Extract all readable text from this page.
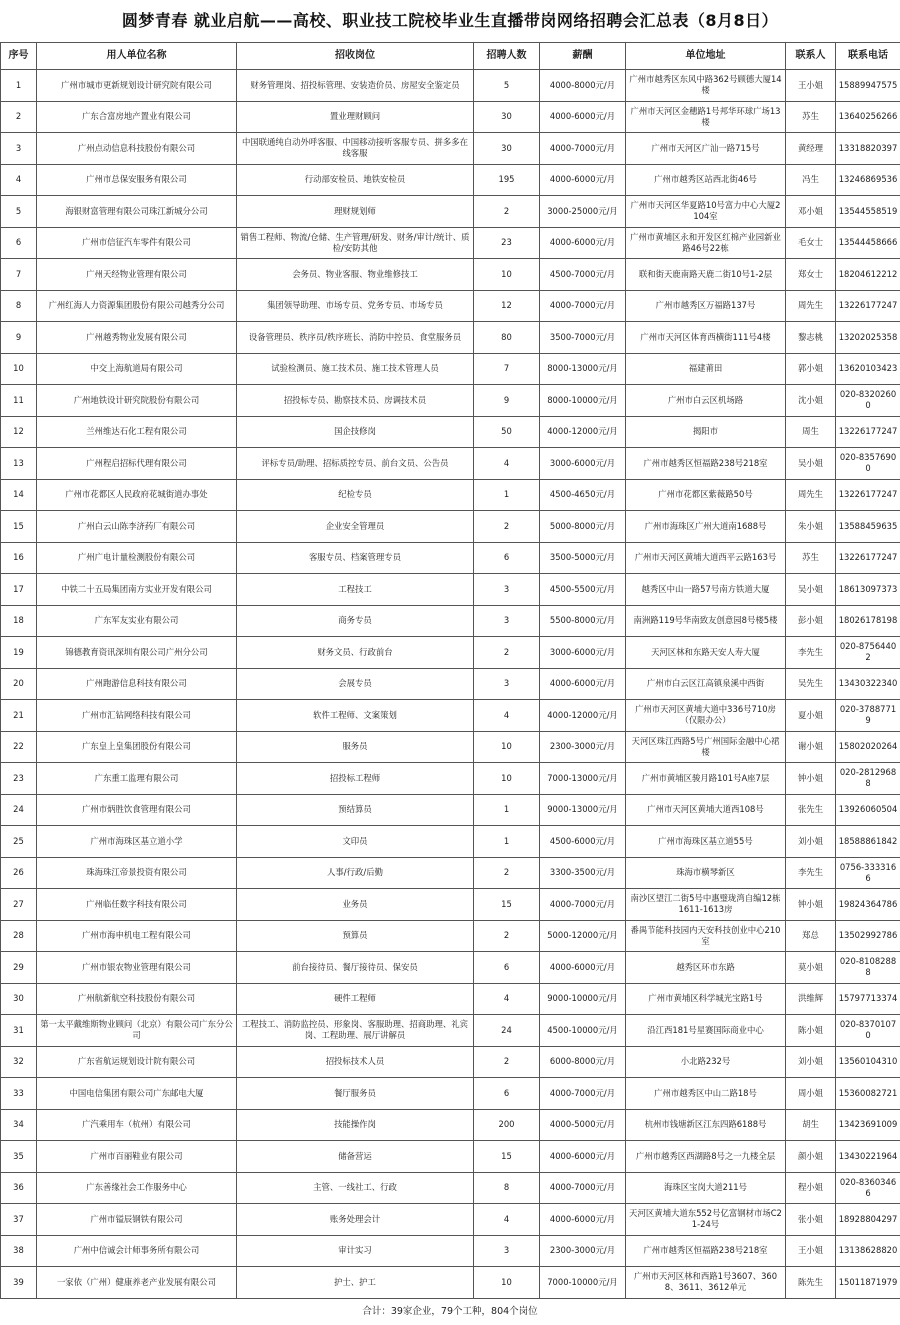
圆梦青春 就业启航——高校、职业技工院校毕业生直播带岗网络招聘会汇总表（8月8日）
序号	用人单位名称	招收岗位	招聘人数	薪酬	单位地址	联系人	联系电话
1	广州市城市更新规划设计研究院有限公司	财务管理岗、招投标管理、安装造价员、房屋安全鉴定员	5	4000-8000元/月	广州市越秀区东风中路362号顾德大厦14楼	王小姐	15889947575
2	广东合富房地产置业有限公司	置业理财顾问	30	4000-6000元/月	广州市天河区金穗路1号邦华环球广场13楼	苏生	13640256266
3	广州点动信息科技股份有限公司	中国联通纯自动外呼客服、中国移动接听客服专员、拼多多在线客服	30	4000-7000元/月	广州市天河区广汕一路715号	黄经理	13318820397
4	广州市总保安服务有限公司	行动部安检员、地铁安检员	195	4000-6000元/月	广州市越秀区站西北街46号	冯生	13246869536
5	海银财富管理有限公司珠江新城分公司	理财规划师	2	3000-25000元/月	广州市天河区华夏路10号富力中心大厦2104室	邓小姐	13544558519
6	广州市信征汽车零件有限公司	销售工程师、物流/仓储、生产管理/研发、财务/审计/统计、质检/安防其他	23	4000-6000元/月	广州市黄埔区永和开发区红棉产业园新业路46号22栋	毛女士	13544458666
7	广州天经物业管理有限公司	会务员、物业客服、物业维修技工	10	4500-7000元/月	联和街天鹿南路天鹿二街10号1-2层	郑女士	18204612212
8	广州红海人力资源集团股份有限公司越秀分公司	集团领导助理、市场专员、党务专员、市场专员	12	4000-7000元/月	广州市越秀区万福路137号	周先生	13226177247
9	广州越秀物业发展有限公司	设备管理员、秩序员/秩序班长、消防中控员、食堂服务员	80	3500-7000元/月	广州市天河区体育西横街111号4楼	黎志桃	13202025358
10	中交上海航道局有限公司	试验检测员、施工技术员、施工技术管理人员	7	8000-13000元/月	福建莆田	郭小姐	13620103423
11	广州地铁设计研究院股份有限公司	招投标专员、勘察技术员、房调技术员	9	8000-10000元/月	广州市白云区机场路	沈小姐	020-83202600
12	兰州维达石化工程有限公司	国企技修岗	50	4000-12000元/月	揭阳市	周生	13226177247
13	广州程启招标代理有限公司	评标专员/助理、招标质控专员、前台文员、公告员	4	3000-6000元/月	广州市越秀区恒福路238号218室	吴小姐	020-83576900
14	广州市花都区人民政府花城街道办事处	纪检专员	1	4500-4650元/月	广州市花都区紫薇路50号	周先生	13226177247
15	广州白云山陈李济药厂有限公司	企业安全管理员	2	5000-8000元/月	广州市海珠区广州大道南1688号	朱小姐	13588459635
16	广州广电计量检测股份有限公司	客服专员、档案管理专员	6	3500-5000元/月	广州市天河区黄埔大道西平云路163号	苏生	13226177247
17	中铁二十五局集团南方实业开发有限公司	工程技工	3	4500-5500元/月	越秀区中山一路57号南方铁道大厦	吴小姐	18613097373
18	广东军友实业有限公司	商务专员	3	5500-8000元/月	南洲路119号华南致友创意园8号楼5楼	彭小姐	18026178198
19	锦德教育资讯深圳有限公司广州分公司	财务文员、行政前台	2	3000-6000元/月	天河区林和东路天安人寿大厦	李先生	020-87564402
20	广州跑游信息科技有限公司	会展专员	3	4000-6000元/月	广州市白云区江高镇泉溪中西街	吴先生	13430322340
21	广州市汇钻网络科技有限公司	软件工程师、文案策划	4	4000-12000元/月	广州市天河区黄埔大道中336号710房（仅限办公）	夏小姐	020-37887719
22	广东皇上皇集团股份有限公司	服务员	10	2300-3000元/月	天河区珠江西路5号广州国际金融中心裙楼	谢小姐	15802020264
23	广东重工监理有限公司	招投标工程师	10	7000-13000元/月	广州市黄埔区骏月路101号A座7层	钟小姐	020-28129688
24	广州市炳胜饮食管理有限公司	预结算员	1	9000-13000元/月	广州市天河区黄埔大道西108号	张先生	13926060504
25	广州市海珠区基立道小学	文印员	1	4500-6000元/月	广州市海珠区基立道55号	刘小姐	18588861842
26	珠海珠江帝景投资有限公司	人事/行政/后勤	2	3300-3500元/月	珠海市横琴新区	李先生	0756-3333166
27	广州临任数字科技有限公司	业务员	15	4000-7000元/月	南沙区望江二街5号中惠璧珑湾自编12栋1611-1613房	钟小姐	19824364786
28	广州市海申机电工程有限公司	预算员	2	5000-12000元/月	番禺节能科技园内天安科技创业中心210室	郑总	13502992786
29	广州市银农物业管理有限公司	前台接待员、餐厅接待员、保安员	6	4000-6000元/月	越秀区环市东路	莫小姐	020-81082888
30	广州航新航空科技股份有限公司	硬件工程师	4	9000-10000元/月	广州市黄埔区科学城光宝路1号	洪维辉	15797713374
31	第一太平戴维斯物业顾问（北京）有限公司广东分公司	工程技工、消防监控员、形象岗、客服助理、招商助理、礼宾岗、工程助理、展厅讲解员	24	4500-10000元/月	沿江西181号星赛国际商业中心	陈小姐	020-83701070
32	广东省航运规划设计院有限公司	招投标技术人员	2	6000-8000元/月	小北路232号	刘小姐	13560104310
33	中国电信集团有限公司广东邮电大厦	餐厅服务员	6	4000-7000元/月	广州市越秀区中山二路18号	周小姐	15360082721
34	广汽乘用车（杭州）有限公司	技能操作岗	200	4000-5000元/月	杭州市钱塘新区江东四路6188号	胡生	13423691009
35	广州市百丽鞋业有限公司	储备营运	15	4000-6000元/月	广州市越秀区西湖路8号之一九楼全层	颜小姐	13430221964
36	广东善缘社会工作服务中心	主管、一线社工、行政	8	4000-7000元/月	海珠区宝岗大道211号	程小姐	020-83603466
37	广州市镒辰钢铁有限公司	账务处理会计	4	4000-6000元/月	天河区黄埔大道东552号亿富钢材市场C21-24号	张小姐	18928804297
38	广州中信诚会计师事务所有限公司	审计实习	3	2300-3000元/月	广州市越秀区恒福路238号218室	王小姐	13138628820
39	一家依（广州）健康养老产业发展有限公司	护士、护工	10	7000-10000元/月	广州市天河区林和西路1号3607、3608、3611、3612单元	陈先生	15011871979
合计：39家企业，79个工种，804个岗位
